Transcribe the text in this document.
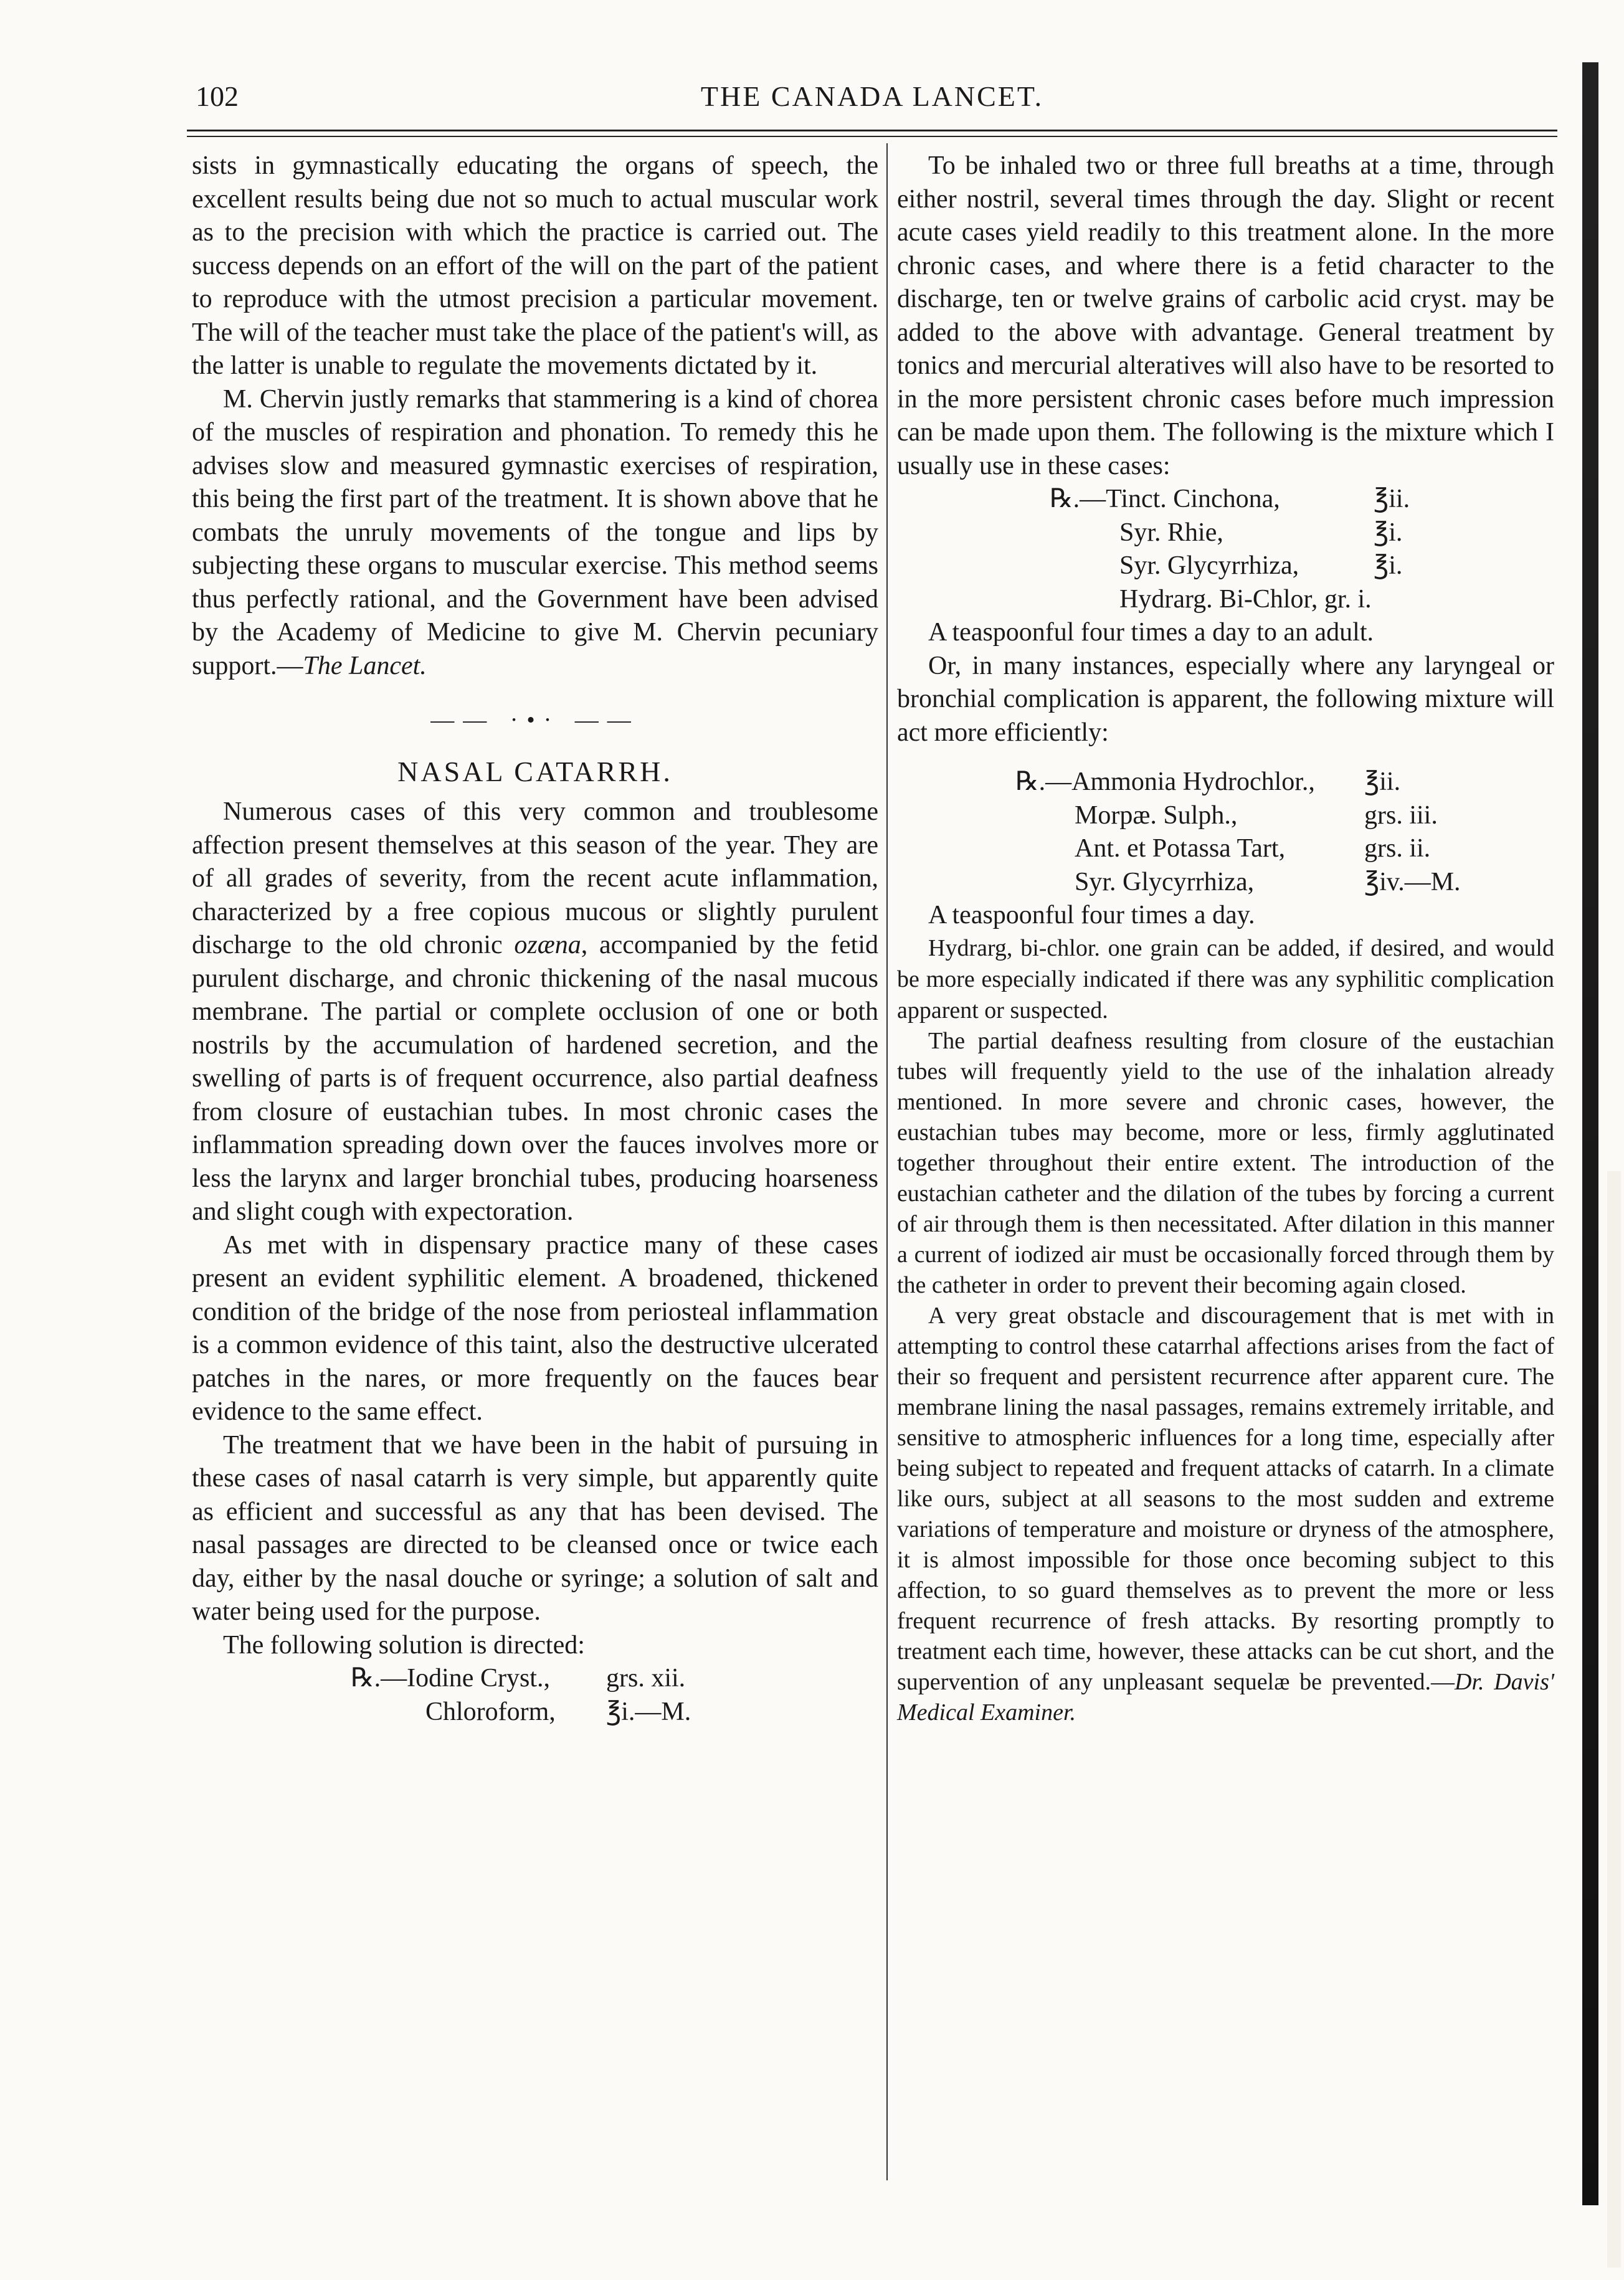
102	THE CANADA LANCET.

sists in gymnastically educating the organs of speech, the excellent results being due not so much to actual muscular work as to the precision with which the practice is carried out. The success depends on an effort of the will on the part of the patient to reproduce with the utmost precision a particular movement. The will of the teacher must take the place of the patient's will, as the latter is unable to regulate the movements dictated by it.

M. Chervin justly remarks that stammering is a kind of chorea of the muscles of respiration and phonation. To remedy this he advises slow and measured gymnastic exercises of respiration, this being the first part of the treatment. It is shown above that he combats the unruly movements of the tongue and lips by subjecting these organs to muscular exercise. This method seems thus perfectly rational, and the Government have been advised by the Academy of Medicine to give M. Chervin pecuniary support.—The Lancet.

—— ·•· ——
NASAL CATARRH.

Numerous cases of this very common and troublesome affection present themselves at this season of the year. They are of all grades of severity, from the recent acute inflammation, characterized by a free copious mucous or slightly purulent discharge to the old chronic ozæna, accompanied by the fetid purulent discharge, and chronic thickening of the nasal mucous membrane. The partial or complete occlusion of one or both nostrils by the accumulation of hardened secretion, and the swelling of parts is of frequent occurrence, also partial deafness from closure of eustachian tubes. In most chronic cases the inflammation spreading down over the fauces involves more or less the larynx and larger bronchial tubes, producing hoarseness and slight cough with expectoration.

As met with in dispensary practice many of these cases present an evident syphilitic element. A broadened, thickened condition of the bridge of the nose from periosteal inflammation is a common evidence of this taint, also the destructive ulcerated patches in the nares, or more frequently on the fauces bear evidence to the same effect.

The treatment that we have been in the habit of pursuing in these cases of nasal catarrh is very simple, but apparently quite as efficient and successful as any that has been devised. The nasal passages are directed to be cleansed once or twice each day, either by the nasal douche or syringe; a solution of salt and water being used for the purpose.

The following solution is directed:

℞.—Iodine Cryst., grs. xii.
Chloroform, ℥i.—M.

To be inhaled two or three full breaths at a time, through either nostril, several times through the day. Slight or recent acute cases yield readily to this treatment alone. In the more chronic cases, and where there is a fetid character to the discharge, ten or twelve grains of carbolic acid cryst. may be added to the above with advantage. General treatment by tonics and mercurial alteratives will also have to be resorted to in the more persistent chronic cases before much impression can be made upon them. The following is the mixture which I usually use in these cases:

℞.—Tinct. Cinchona,	℥ii.
Syr. Rhie,	℥i.
Syr. Glycyrrhiza,	℥i.
Hydrarg. Bi-Chlor, gr. i.

A teaspoonful four times a day to an adult.

Or, in many instances, especially where any laryngeal or bronchial complication is apparent, the following mixture will act more efficiently:

℞.—Ammonia Hydrochlor., ℥ii.
Morpæ. Sulph.,	grs. iii.
Ant. et Potassa Tart,	grs. ii.
Syr. Glycyrrhiza,	℥iv.—M.

A teaspoonful four times a day.

Hydrarg, bi-chlor. one grain can be added, if desired, and would be more especially indicated if there was any syphilitic complication apparent or suspected.

The partial deafness resulting from closure of the eustachian tubes will frequently yield to the use of the inhalation already mentioned. In more severe and chronic cases, however, the eustachian tubes may become, more or less, firmly agglutinated together throughout their entire extent. The introduction of the eustachian catheter and the dilation of the tubes by forcing a current of air through them is then necessitated. After dilation in this manner a current of iodized air must be occasionally forced through them by the catheter in order to prevent their becoming again closed.

A very great obstacle and discouragement that is met with in attempting to control these catarrhal affections arises from the fact of their so frequent and persistent recurrence after apparent cure. The membrane lining the nasal passages, remains extremely irritable, and sensitive to atmospheric influences for a long time, especially after being subject to repeated and frequent attacks of catarrh. In a climate like ours, subject at all seasons to the most sudden and extreme variations of temperature and moisture or dryness of the atmosphere, it is almost impossible for those once becoming subject to this affection, to so guard themselves as to prevent the more or less frequent recurrence of fresh attacks. By resorting promptly to treatment each time, however, these attacks can be cut short, and the supervention of any unpleasant sequelæ be prevented.—Dr. Davis' Medical Examiner.
